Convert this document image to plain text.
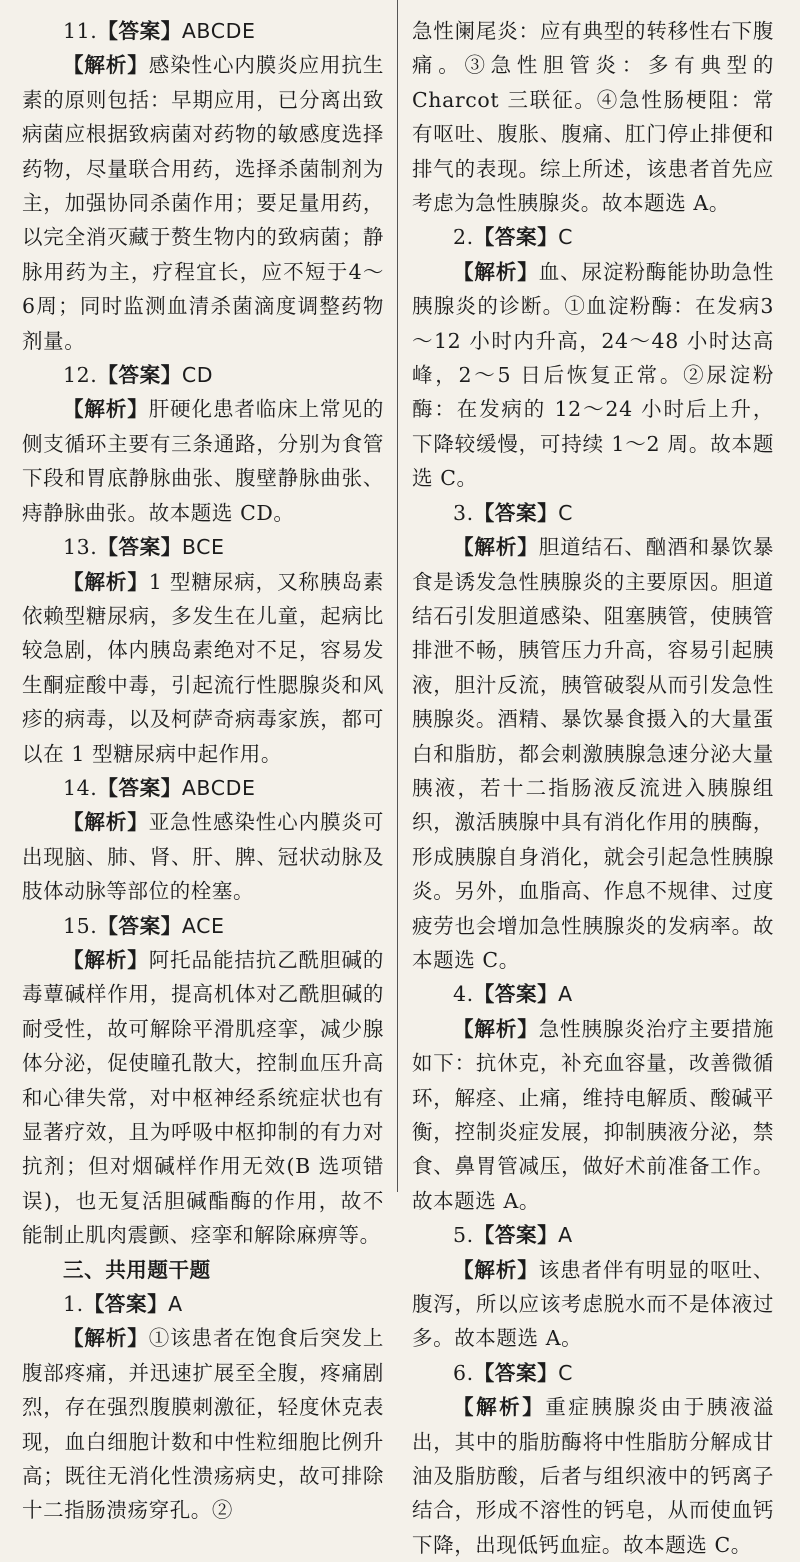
11.【答案】ABCDE

【解析】感染性心内膜炎应用抗生素的原则包括：早期应用，已分离出致病菌应根据致病菌对药物的敏感度选择药物，尽量联合用药，选择杀菌制剂为主，加强协同杀菌作用；要足量用药，以完全消灭藏于赘生物内的致病菌；静脉用药为主，疗程宜长，应不短于4～6周；同时监测血清杀菌滴度调整药物剂量。

12.【答案】CD

【解析】肝硬化患者临床上常见的侧支循环主要有三条通路，分别为食管下段和胃底静脉曲张、腹壁静脉曲张、痔静脉曲张。故本题选 CD。

13.【答案】BCE

【解析】1 型糖尿病，又称胰岛素依赖型糖尿病，多发生在儿童，起病比较急剧，体内胰岛素绝对不足，容易发生酮症酸中毒，引起流行性腮腺炎和风疹的病毒，以及柯萨奇病毒家族，都可以在 1 型糖尿病中起作用。

14.【答案】ABCDE

【解析】亚急性感染性心内膜炎可出现脑、肺、肾、肝、脾、冠状动脉及肢体动脉等部位的栓塞。

15.【答案】ACE

【解析】阿托品能拮抗乙酰胆碱的毒蕈碱样作用，提高机体对乙酰胆碱的耐受性，故可解除平滑肌痉挛，减少腺体分泌，促使瞳孔散大，控制血压升高和心律失常，对中枢神经系统症状也有显著疗效，且为呼吸中枢抑制的有力对抗剂；但对烟碱样作用无效(B 选项错误)，也无复活胆碱酯酶的作用，故不能制止肌肉震颤、痉挛和解除麻痹等。

三、共用题干题

1.【答案】A

【解析】①该患者在饱食后突发上腹部疼痛，并迅速扩展至全腹，疼痛剧烈，存在强烈腹膜刺激征，轻度休克表现，血白细胞计数和中性粒细胞比例升高；既往无消化性溃疡病史，故可排除十二指肠溃疡穿孔。②

急性阑尾炎：应有典型的转移性右下腹痛。③急性胆管炎：多有典型的 Charcot 三联征。④急性肠梗阻：常有呕吐、腹胀、腹痛、肛门停止排便和排气的表现。综上所述，该患者首先应考虑为急性胰腺炎。故本题选 A。

2.【答案】C

【解析】血、尿淀粉酶能协助急性胰腺炎的诊断。①血淀粉酶：在发病3～12 小时内升高，24～48 小时达高峰，2～5 日后恢复正常。②尿淀粉酶：在发病的 12～24 小时后上升，下降较缓慢，可持续 1～2 周。故本题选 C。

3.【答案】C

【解析】胆道结石、酗酒和暴饮暴食是诱发急性胰腺炎的主要原因。胆道结石引发胆道感染、阻塞胰管，使胰管排泄不畅，胰管压力升高，容易引起胰液，胆汁反流，胰管破裂从而引发急性胰腺炎。酒精、暴饮暴食摄入的大量蛋白和脂肪，都会刺激胰腺急速分泌大量胰液，若十二指肠液反流进入胰腺组织，激活胰腺中具有消化作用的胰酶，形成胰腺自身消化，就会引起急性胰腺炎。另外，血脂高、作息不规律、过度疲劳也会增加急性胰腺炎的发病率。故本题选 C。

4.【答案】A

【解析】急性胰腺炎治疗主要措施如下：抗休克，补充血容量，改善微循环，解痉、止痛，维持电解质、酸碱平衡，控制炎症发展，抑制胰液分泌，禁食、鼻胃管减压，做好术前准备工作。故本题选 A。

5.【答案】A

【解析】该患者伴有明显的呕吐、腹泻，所以应该考虑脱水而不是体液过多。故本题选 A。

6.【答案】C

【解析】重症胰腺炎由于胰液溢出，其中的脂肪酶将中性脂肪分解成甘油及脂肪酸，后者与组织液中的钙离子结合，形成不溶性的钙皂，从而使血钙下降，出现低钙血症。故本题选 C。
